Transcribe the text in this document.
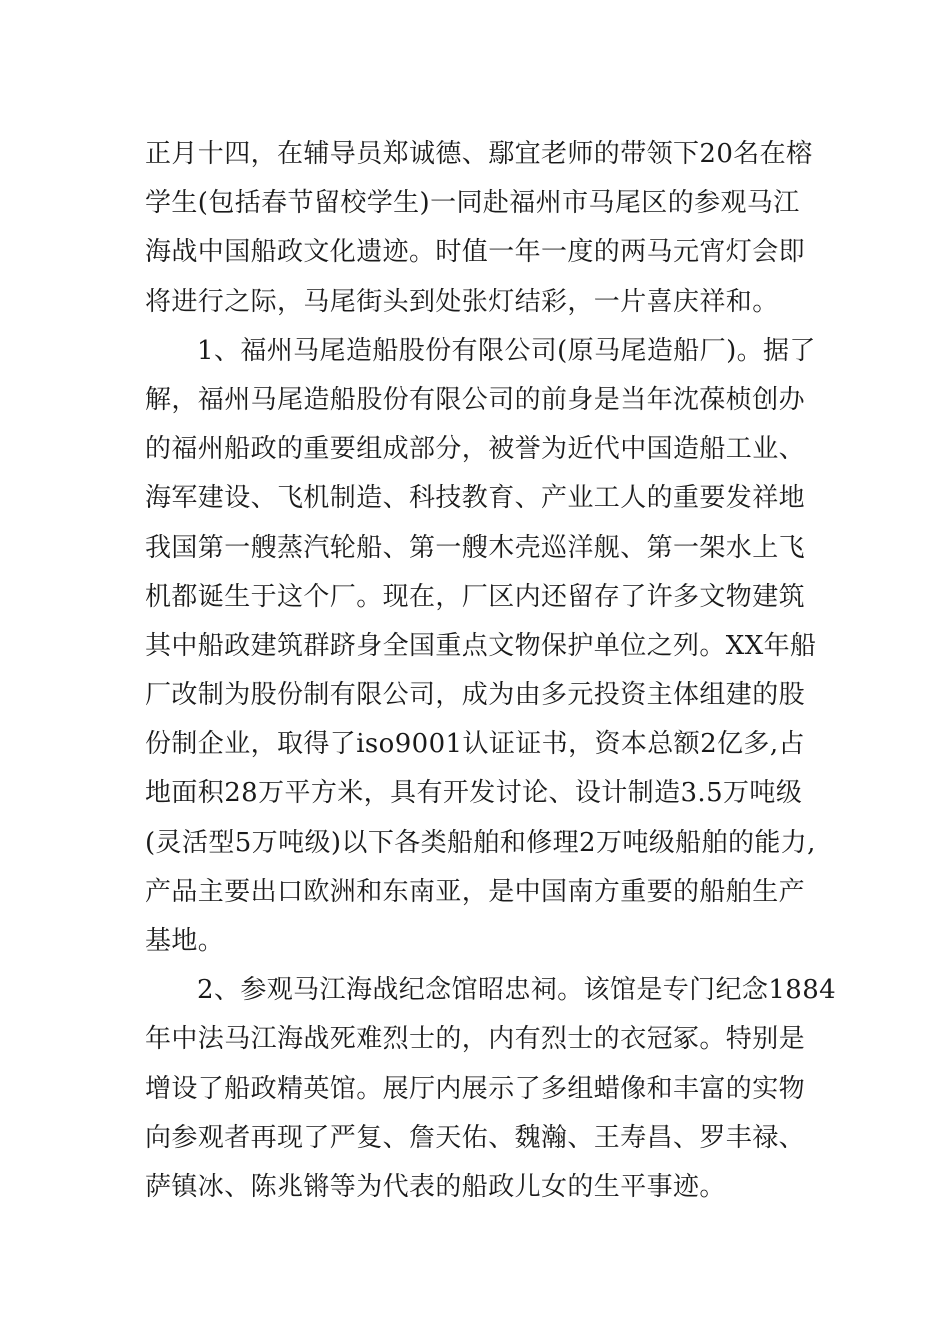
正月十四，在辅导员郑诚德、鄢宜老师的带领下20名在榕
学生(包括春节留校学生)一同赴福州市马尾区的参观马江
海战中国船政文化遗迹。时值一年一度的两马元宵灯会即
将进行之际，马尾街头到处张灯结彩，一片喜庆祥和。
1、福州马尾造船股份有限公司(原马尾造船厂)。据了
解，福州马尾造船股份有限公司的前身是当年沈葆桢创办
的福州船政的重要组成部分，被誉为近代中国造船工业、
海军建设、飞机制造、科技教育、产业工人的重要发祥地
我国第一艘蒸汽轮船、第一艘木壳巡洋舰、第一架水上飞
机都诞生于这个厂。现在，厂区内还留存了许多文物建筑
其中船政建筑群跻身全国重点文物保护单位之列。XX年船
厂改制为股份制有限公司，成为由多元投资主体组建的股
份制企业，取得了iso9001认证证书，资本总额2亿多,占
地面积28万平方米，具有开发讨论、设计制造3.5万吨级
(灵活型5万吨级)以下各类船舶和修理2万吨级船舶的能力,
产品主要出口欧洲和东南亚，是中国南方重要的船舶生产
基地。
2、参观马江海战纪念馆昭忠祠。该馆是专门纪念1884
年中法马江海战死难烈士的，内有烈士的衣冠冢。特别是
增设了船政精英馆。展厅内展示了多组蜡像和丰富的实物
向参观者再现了严复、詹天佑、魏瀚、王寿昌、罗丰禄、
萨镇冰、陈兆锵等为代表的船政儿女的生平事迹。
